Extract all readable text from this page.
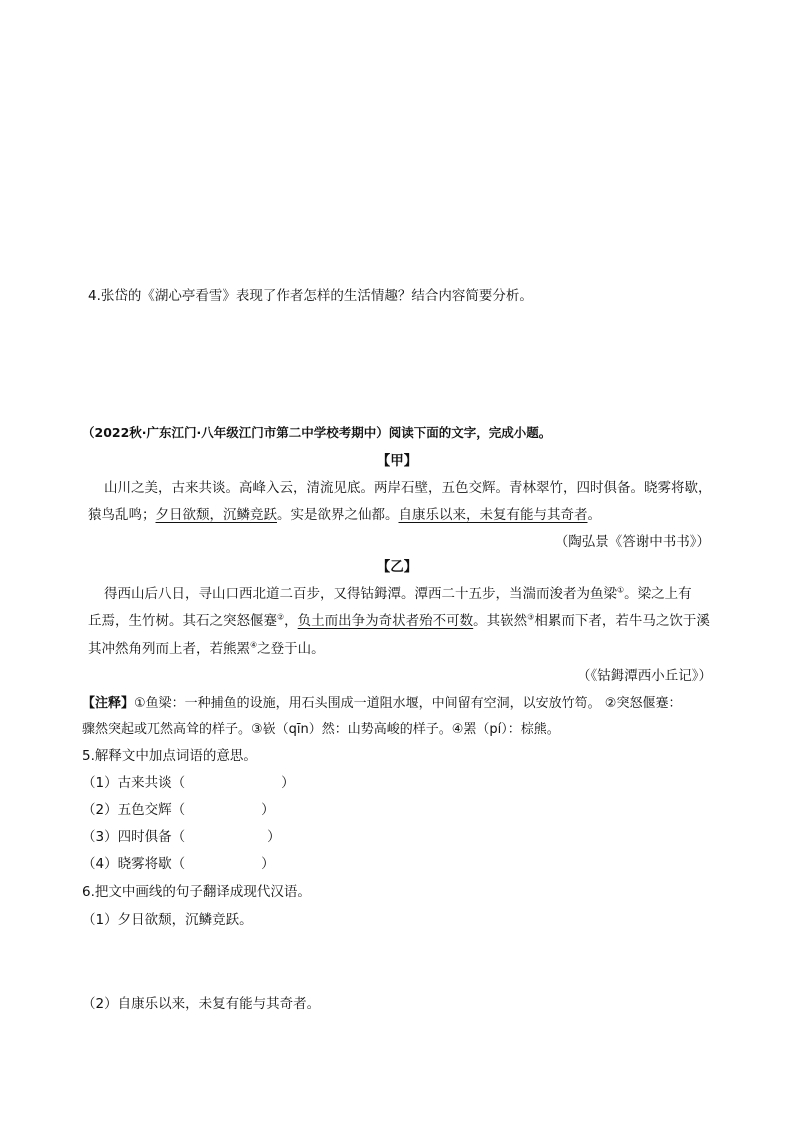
4.张岱的《湖心亭看雪》表现了作者怎样的生活情趣？结合内容简要分析。
（2022秋·广东江门·八年级江门市第二中学校考期中）阅读下面的文字，完成小题。
【甲】
山川之美，古来共谈。高峰入云，清流见底。两岸石壁，五色交辉。青林翠竹，四时俱备。晓雾将歇，
猿鸟乱鸣；夕日欲颓，沉鳞竞跃。实是欲界之仙都。自康乐以来，未复有能与其奇者。
（陶弘景《答谢中书书》）
【乙】
得西山后八日，寻山口西北道二百步，又得钴鉧潭。潭西二十五步，当湍而浚者为鱼梁①。梁之上有
丘焉，生竹树。其石之突怒偃蹇②，负土而出争为奇状者殆不可数。其嵚然③相累而下者，若牛马之饮于溪
其冲然角列而上者，若熊罴④之登于山。
（《钴鉧潭西小丘记》）
【注释】①鱼梁：一种捕鱼的设施，用石头围成一道阻水堰，中间留有空洞，以安放竹笱。 ②突怒偃蹇：
骤然突起或兀然高耸的样子。③嵚（qīn）然：山势高峻的样子。④罴（pí）：棕熊。
5.解释文中加点词语的意思。
（1）古来共谈（	）
（2）五色交辉（	）
（3）四时俱备（	）
（4）晓雾将歇（	）
6.把文中画线的句子翻译成现代汉语。
（1）夕日欲颓，沉鳞竞跃。
（2）自康乐以来，未复有能与其奇者。
